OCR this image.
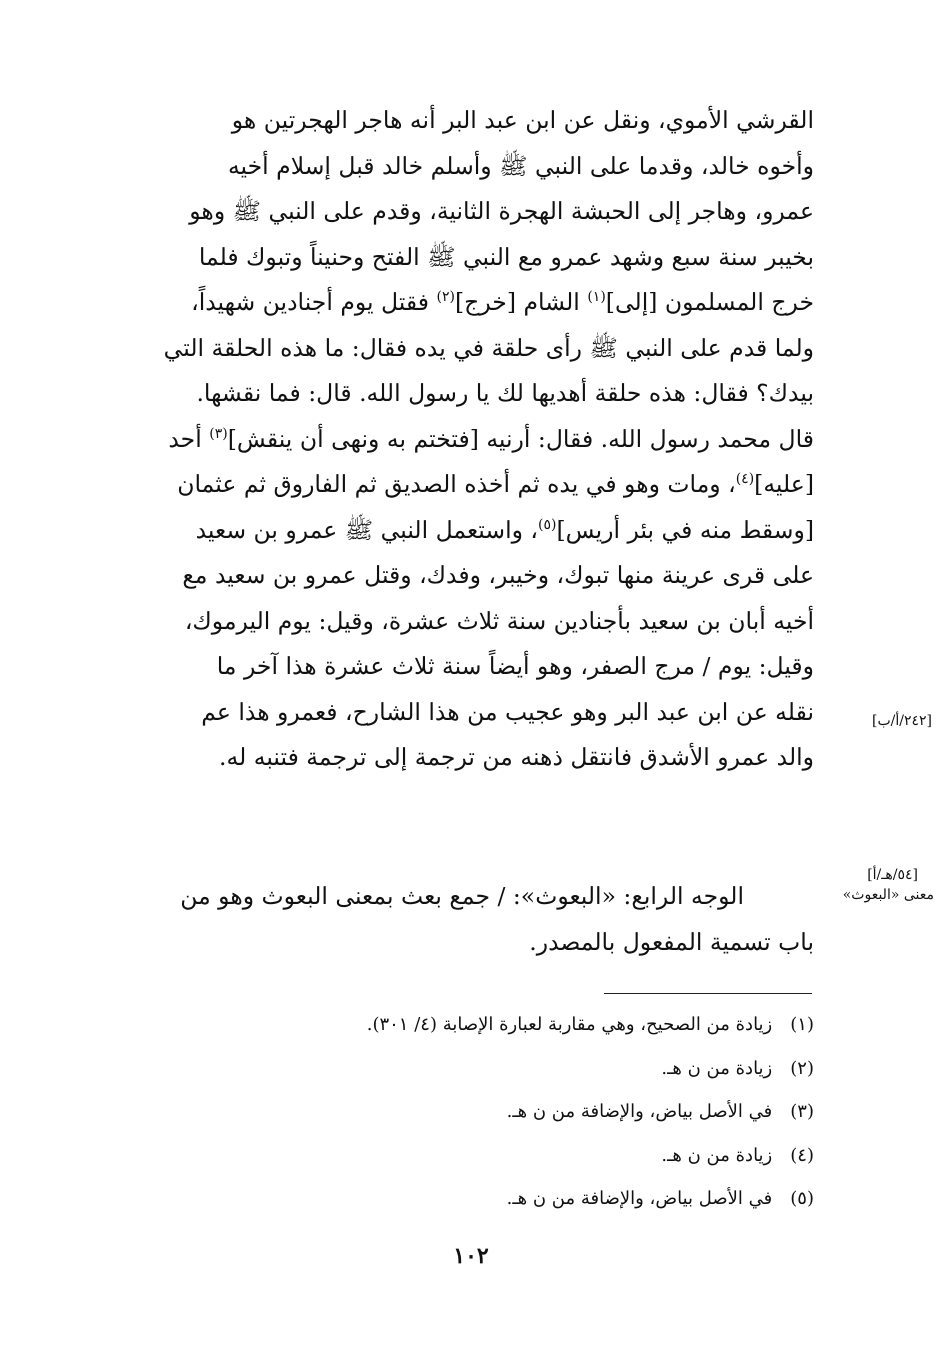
القرشي الأموي، ونقل عن ابن عبد البر أنه هاجر الهجرتين هو
وأخوه خالد، وقدما على النبي ﷺ وأسلم خالد قبل إسلام أخيه
عمرو، وهاجر إلى الحبشة الهجرة الثانية، وقدم على النبي ﷺ وهو
بخيبر سنة سبع وشهد عمرو مع النبي ﷺ الفتح وحنيناً وتبوك فلما
خرج المسلمون [إلى]$^{(١)}$ الشام [خرج]$^{(٢)}$ فقتل يوم أجنادين شهيداً،
ولما قدم على النبي ﷺ رأى حلقة في يده فقال: ما هذه الحلقة التي
بيدك؟ فقال: هذه حلقة أهديها لك يا رسول الله. قال: فما نقشها.
قال محمد رسول الله. فقال: أرنيه [فتختم به ونهى أن ينقش]$^{(٣)}$ أحد
[عليه]$^{(٤)}$، ومات وهو في يده ثم أخذه الصديق ثم الفاروق ثم عثمان
[وسقط منه في بئر أريس]$^{(٥)}$، واستعمل النبي ﷺ عمرو بن سعيد
على قرى عرينة منها تبوك، وخيبر، وفدك، وقتل عمرو بن سعيد مع
أخيه أبان بن سعيد بأجنادين سنة ثلاث عشرة، وقيل: يوم اليرموك،
وقيل: يوم / مرج الصفر، وهو أيضاً سنة ثلاث عشرة هذا آخر ما
نقله عن ابن عبد البر وهو عجيب من هذا الشارح، فعمرو هذا عم
والد عمرو الأشدق فانتقل ذهنه من ترجمة إلى ترجمة فتنبه له.
[٢٤٢/أ/ب]
[٥٤/هـ/أ]
معنى «البعوث»
الوجه الرابع: «البعوث»: / جمع بعث بمعنى البعوث وهو من
باب تسمية المفعول بالمصدر.
(١) زيادة من الصحيح، وهي مقاربة لعبارة الإصابة (٤/ ٣٠١).
(٢) زيادة من ن هـ.
(٣) في الأصل بياض، والإضافة من ن هـ.
(٤) زيادة من ن هـ.
(٥) في الأصل بياض، والإضافة من ن هـ.
١٠٢
